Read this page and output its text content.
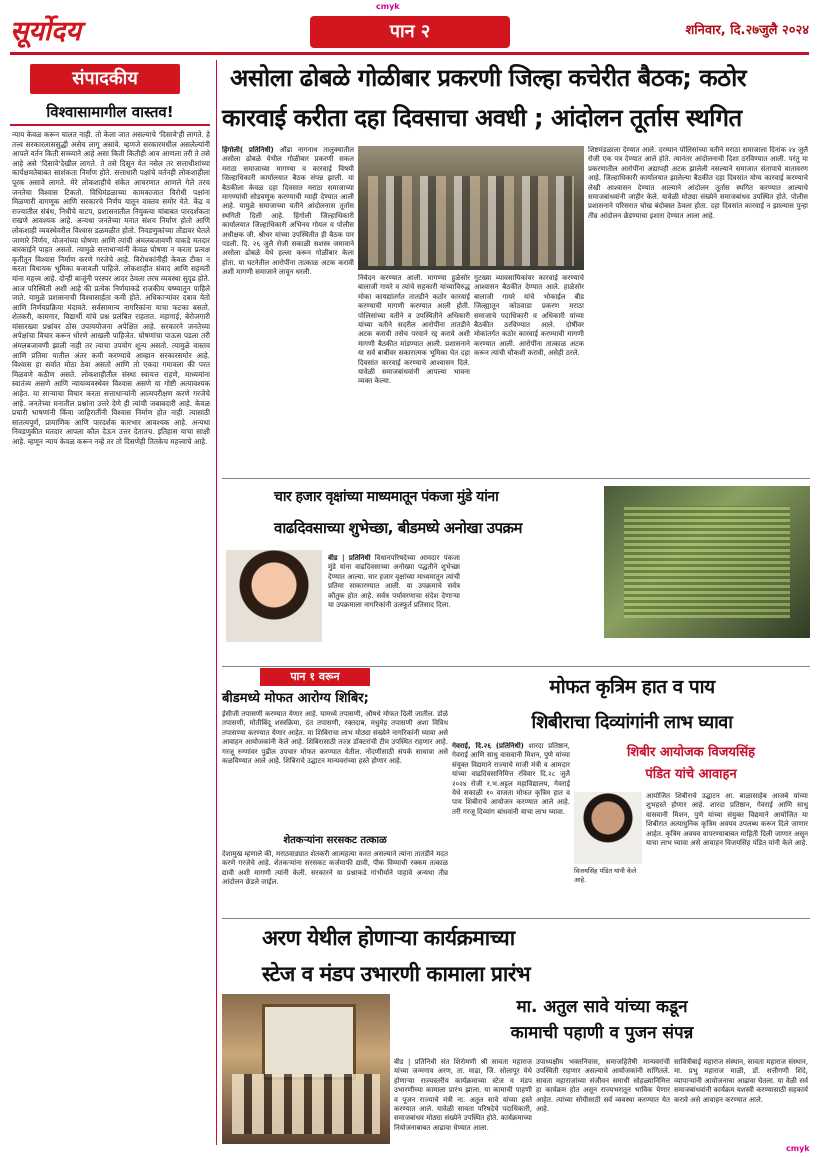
cmyk
cmyk
सूर्योदय	पान २	शनिवार, दि.२७जुलै २०२४
संपादकीय
विश्वासामागील वास्तव!
न्याय केवळ करून चालत नाही. तो केला जात असल्याचे 'दिसावे'ही लागते. हे तत्त्व सरकारलाससुद्धी असेच लागू असावे. म्हणजे सरकारमधील असलेल्यांनी आपले वर्तन किती सच्च्याने आहे असा किती कितीही आव आणला तरी ते तसे आहे असे 'दिसावे'देखील लागते. ते तसे दिसून येत नसेल तर सत्ताधीशांच्या कार्यक्षमतेबाबत साशंकता निर्माण होते. सत्ताधारी पक्षांचे वर्तनही लोकशाहीला पूरक असावे लागते. मेरे लोकशाहीचे संकेत आचरणात आणले गेले तरच जनतेचा विश्वास टिकतो. विधिमंडळाच्या कामकाजात विरोधी पक्षांना मिळणारी वागणूक आणि सरकारचे निर्णय यातून वास्तव समोर येते. केंद्र व राज्यातील संबंध, निधीचे वाटप, प्रशासनातील नियुक्त्या यांबाबत पारदर्शकता राखणे आवश्यक आहे. अन्यथा जनतेच्या मनात संशय निर्माण होतो आणि लोकशाही व्यवस्थेवरील विश्वास डळमळीत होतो. निवडणुकांच्या तोंडावर घेतले जाणारे निर्णय, योजनांच्या घोषणा आणि त्यांची अंमलबजावणी याकडे मतदार बारकाईने पाहत असतो. त्यामुळे सत्ताधाऱ्यांनी केवळ घोषणा न करता प्रत्यक्ष कृतीतून विश्वास निर्माण करणे गरजेचे आहे. विरोधकांनीही केवळ टीका न करता विधायक भूमिका बजावली पाहिजे. लोकशाहीत संवाद आणि सहमती यांना महत्त्व आहे. दोन्ही बाजूंनी परस्पर आदर ठेवला तरच व्यवस्था सुदृढ होते. आज परिस्थिती अशी आहे की प्रत्येक निर्णयाकडे राजकीय चष्म्यातून पाहिले जाते. यामुळे प्रशासनाची विश्वासार्हता कमी होते. अधिकाऱ्यांवर दबाव येतो आणि निर्णयप्रक्रिया मंदावते. सर्वसामान्य नागरिकांना याचा फटका बसतो. शेतकरी, कामगार, विद्यार्थी यांचे प्रश्न प्रलंबित राहतात. महागाई, बेरोजगारी यांसारख्या प्रश्नांवर ठोस उपाययोजना अपेक्षित आहे. सरकारने जनतेच्या अपेक्षांचा विचार करून धोरणे आखली पाहिजेत. घोषणांचा पाऊस पडला तरी अंमलबजावणी झाली नाही तर त्याचा उपयोग शून्य असतो. त्यामुळे वास्तव आणि प्रतिमा यातील अंतर कमी करण्याचे आव्हान सरकारसमोर आहे. विश्वास हा सर्वात मोठा ठेवा असतो आणि तो एकदा गमावला की परत मिळवणे कठीण असते. लोकशाहीतील संस्था स्वायत्त राहणे, माध्यमांना स्वातंत्र्य असणे आणि न्यायव्यवस्थेवर विश्वास असणे या गोष्टी अत्यावश्यक आहेत. या साऱ्याचा विचार करता सत्ताधाऱ्यांनी आत्मपरीक्षण करणे गरजेचे आहे. जनतेच्या मनातील प्रश्नांना उत्तरे देणे ही त्यांची जबाबदारी आहे. केवळ प्रचारी भाषणांनी किंवा जाहिरातींनी विश्वास निर्माण होत नाही. त्यासाठी सातत्यपूर्ण, प्रामाणिक आणि पारदर्शक कारभार आवश्यक आहे. अन्यथा निवडणुकीत मतदार आपला कौल देऊन उत्तर देतातच. इतिहास याचा साक्षी आहे. म्हणून न्याय केवळ करून नव्हे तर तो दिसणेही तितकेच महत्त्वाचे आहे.
असोला ढोबळे गोळीबार प्रकरणी जिल्हा कचेरीत बैठक; कठोर
कारवाई करीता दहा दिवसाचा अवधी ; आंदोलन तूर्तास स्थगित
हिंगोली( प्रतिनिधी) औंढा नागनाथ तालुक्यातील असोला ढोबळे येथील गोळीबार प्रकरणी सकल मराठा समाजाच्या मागण्या व कारवाई विषयी जिल्हाधिकारी कार्यालयात बैठक संपन्न झाली. या बैठकीला केवळ दहा दिवसात मराठा समाजाच्या मागण्यांची सोडवणूक करण्याची ग्वाही देण्यात आली आहे. यामुळे समाजाच्या वतीने आंदोलनास तूर्तास स्थगिती दिली आहे. हिंगोली जिल्हाधिकारी कार्यालयात जिल्हाधिकारी अभिनव गोयल व पोलीस अधीक्षक जी. श्रीधर यांच्या उपस्थितीत ही बैठक पार पडली. दि. २६ जुलै रोजी सकाळी सशस्त्र जमावाने असोला ढोबळे येथे हल्ला करून गोळीबार केला होता. या घटनेतील आरोपींना तात्काळ अटक करावी अशी मागणी समाजाने लावून धरली.
निवेदन करण्यात आली. मागण्या हुळेसोर बालाजी गायरे व त्यांचे सहकारी यांच्याविरुद्ध मोका कायद्यांतर्गत तातडीने कठोर कारवाई करण्याची मागणी करण्यात आली होती. पोलिसांच्या वतीने व उपस्थितीने अधिकारी यांच्या वतीने सदरील आरोपींना तातडीने अटक करावी तसेच परवाने रद्द करावे अशी मागणी बैठकीत मांडण्यात आली. प्रशासनाने या सर्व बाबींवर सकारात्मक भूमिका घेत दहा दिवसांत कारवाई करण्याचे आश्वासन दिले. यावेळी समाजबांधवांनी आपल्या भावना व्यक्त केल्या.
गुटख्या व्यावसायिकांवर कारवाई करण्याचे आश्वासन बैठकीत देण्यात आले. हाळेसोर बालाजी गायरे यांचे भोकाईल बीड जिल्ह्यातून कोठवाडा प्रकरण मराठा समाजाचे पदाधिकारी व अधिकारी यांच्या बैठकीत ठरविण्यात आले. दोषींवर मोकांतर्गत कठोर कारवाई करण्याची मागणी करण्यात आली. आरोपींना तात्काळ अटक करून त्यांची चौकशी करावी, असेही ठरले.
शिष्टमंडळाला देण्यात आले. दरम्यान पोलिसांच्या वतीने मराठा समाजाला दिनांक २४ जुलै रोजी एक पत्र देण्यात आले होते. त्यानंतर आंदोलनाची दिशा ठरविण्यात आली. परंतु या प्रकरणातील आरोपींना अद्यापही अटक झालेली नसल्याने समाजात संतापाचे वातावरण आहे. जिल्हाधिकारी कार्यालयात झालेल्या बैठकीत दहा दिवसांत योग्य कारवाई करण्याचे लेखी आश्वासन देण्यात आल्याने आंदोलन तूर्तास स्थगित करण्यात आल्याचे समाजबांधवांनी जाहीर केले. यावेळी मोठ्या संख्येने समाजबांधव उपस्थित होते. पोलीस प्रशासनाने परिसरात चोख बंदोबस्त ठेवला होता. दहा दिवसांत कारवाई न झाल्यास पुन्हा तीव्र आंदोलन छेडण्याचा इशारा देण्यात आला आहे.
चार हजार वृक्षांच्या माध्यमातून पंकजा मुंडे यांना
वाढदिवसाच्या शुभेच्छा, बीडमध्ये अनोखा उपक्रम
बीड | प्रतिनिधी विधानपरिषदेच्या आमदार पंकजा मुंडे यांना वाढदिवसाच्या अनोख्या पद्धतीने शुभेच्छा देण्यात आल्या. चार हजार वृक्षांच्या माध्यमातून त्यांची प्रतिमा साकारण्यात आली. या उपक्रमाचे सर्वत्र कौतुक होत आहे. सर्वत्र पर्यावरणाचा संदेश देणाऱ्या या उपक्रमाला नागरिकांनी उत्स्फूर्त प्रतिसाद दिला.
पान १ वरून
बीडमध्ये मोफत आरोग्य शिबिर;
ईसीजी तपासणी करण्यात येणार आहे. यामध्ये तपासणी, औषधे मोफत दिली जातील. डोळे तपासणी, मोतीबिंदू शस्त्रक्रिया, दंत तपासणी, रक्तदाब, मधुमेह तपासणी अशा विविध तपासण्या करण्यात येणार आहेत. या शिबिराचा लाभ मोठ्या संख्येने नागरिकांनी घ्यावा असे आवाहन आयोजकांनी केले आहे. शिबिरासाठी तज्ज्ञ डॉक्टरांची टीम उपस्थित राहणार आहे. गरजू रुग्णांवर पुढील उपचार मोफत करण्यात येतील. नोंदणीसाठी संपर्क साधावा असे कळविण्यात आले आहे. शिबिराचे उद्घाटन मान्यवरांच्या हस्ते होणार आहे.
शेतकऱ्यांना सरसकट तत्काळ
देशामुख म्हणाले की, मराठवाड्यात शेतकरी आत्महत्या करत असल्याने त्यांना तातडीने मदत करणे गरजेचे आहे. शेतकऱ्यांना सरसकट कर्जमाफी द्यावी, पीक विम्याची रक्कम तत्काळ द्यावी अशी मागणी त्यांनी केली. सरकारने या प्रश्नाकडे गांभीर्याने पाहावे अन्यथा तीव्र आंदोलन छेडले जाईल.
मोफत कृत्रिम हात व पाय
शिबीराचा दिव्यांगांनी लाभ घ्यावा
गेवराई, दि.२६ (प्रतिनिधी) शारदा प्रतिष्ठान, गेवराई आणि साधु वासवानी मिशन, पुणे यांच्या संयुक्त विद्यमाने राज्याचे माजी मंत्री व आमदार यांच्या वाढदिवसानिमित्त रविवार दि.२८ जुलै २०२४ रोजी र.भ.अट्टल महाविद्यालय, गेवराई येथे सकाळी १० वाजता मोफत कृत्रिम हात व पाय शिबीराचे आयोजन करण्यात आले आहे. तरी गरजू दिव्यांग बांधवांनी याचा लाभ घ्यावा.
शिबीर आयोजक विजयसिंह
पंडित यांचे आवाहन
विजयसिंह पंडित यांनी केले आहे.
आयोजित शिबीराचे उद्घाटन आ. बाळासाहेब आजबे यांच्या शुभहस्ते होणार आहे. शारदा प्रतिष्ठान, गेवराई आणि साधु वासवानी मिशन, पुणे यांच्या संयुक्त विद्यमाने आयोजित या शिबीरात अत्याधुनिक कृत्रिम अवयव उपलब्ध करून दिले जाणार आहेत. कृत्रिम अवयव वापरण्याबाबत माहिती दिली जाणार असून याचा लाभ घ्यावा असे आवाहन विजयसिंह पंडित यांनी केले आहे.
अरण येथील होणाऱ्या कार्यक्रमाच्या
स्टेज व मंडप उभारणी कामाला प्रारंभ
मा. अतुल सावे यांच्या कडून
कामाची पहाणी व पुजन संपन्न
बीड | प्रतिनिधी संत शिरोमणी श्री सावता महाराज यांच्या जन्मगाव अरण, ता. माढा, जि. सोलापूर येथे होणाऱ्या राज्यस्तरीय कार्यक्रमाच्या स्टेज व मंडप उभारणीच्या कामाला प्रारंभ झाला. या कामाची पाहणी व पूजन राज्याचे मंत्री ना. अतुल सावे यांच्या हस्ते करण्यात आले. यावेळी सावता परिषदेचे पदाधिकारी, समाजबांधव मोठ्या संख्येने उपस्थित होते. कार्यक्रमाच्या नियोजनाबाबत आढावा घेण्यात आला.
उपाध्यक्षीय भक्तनिवास, समाजहितैषी मान्यवरांची उपस्थिती राहणार असल्याचे आयोजकांनी सांगितले. सावता महाराजांच्या संजीवन समाधी सोहळ्यानिमित्त हा कार्यक्रम होत असून राज्यभरातून भाविक येणार आहेत. त्यांच्या सोयीसाठी सर्व व्यवस्था करण्यात येत आहे.
सावित्रीबाई महाराज संस्थान, सावता महाराज संस्थान, मा. प्रभु महाराज माळी, डॉ. सत्तीगणी शिंदे, व्यापाऱ्यांनी आयोजनाचा आढावा घेतला. या वेळी सर्व समाजबांधवांनी कार्यक्रम यशस्वी करण्यासाठी सहकार्य करावे असे आवाहन करण्यात आले.
